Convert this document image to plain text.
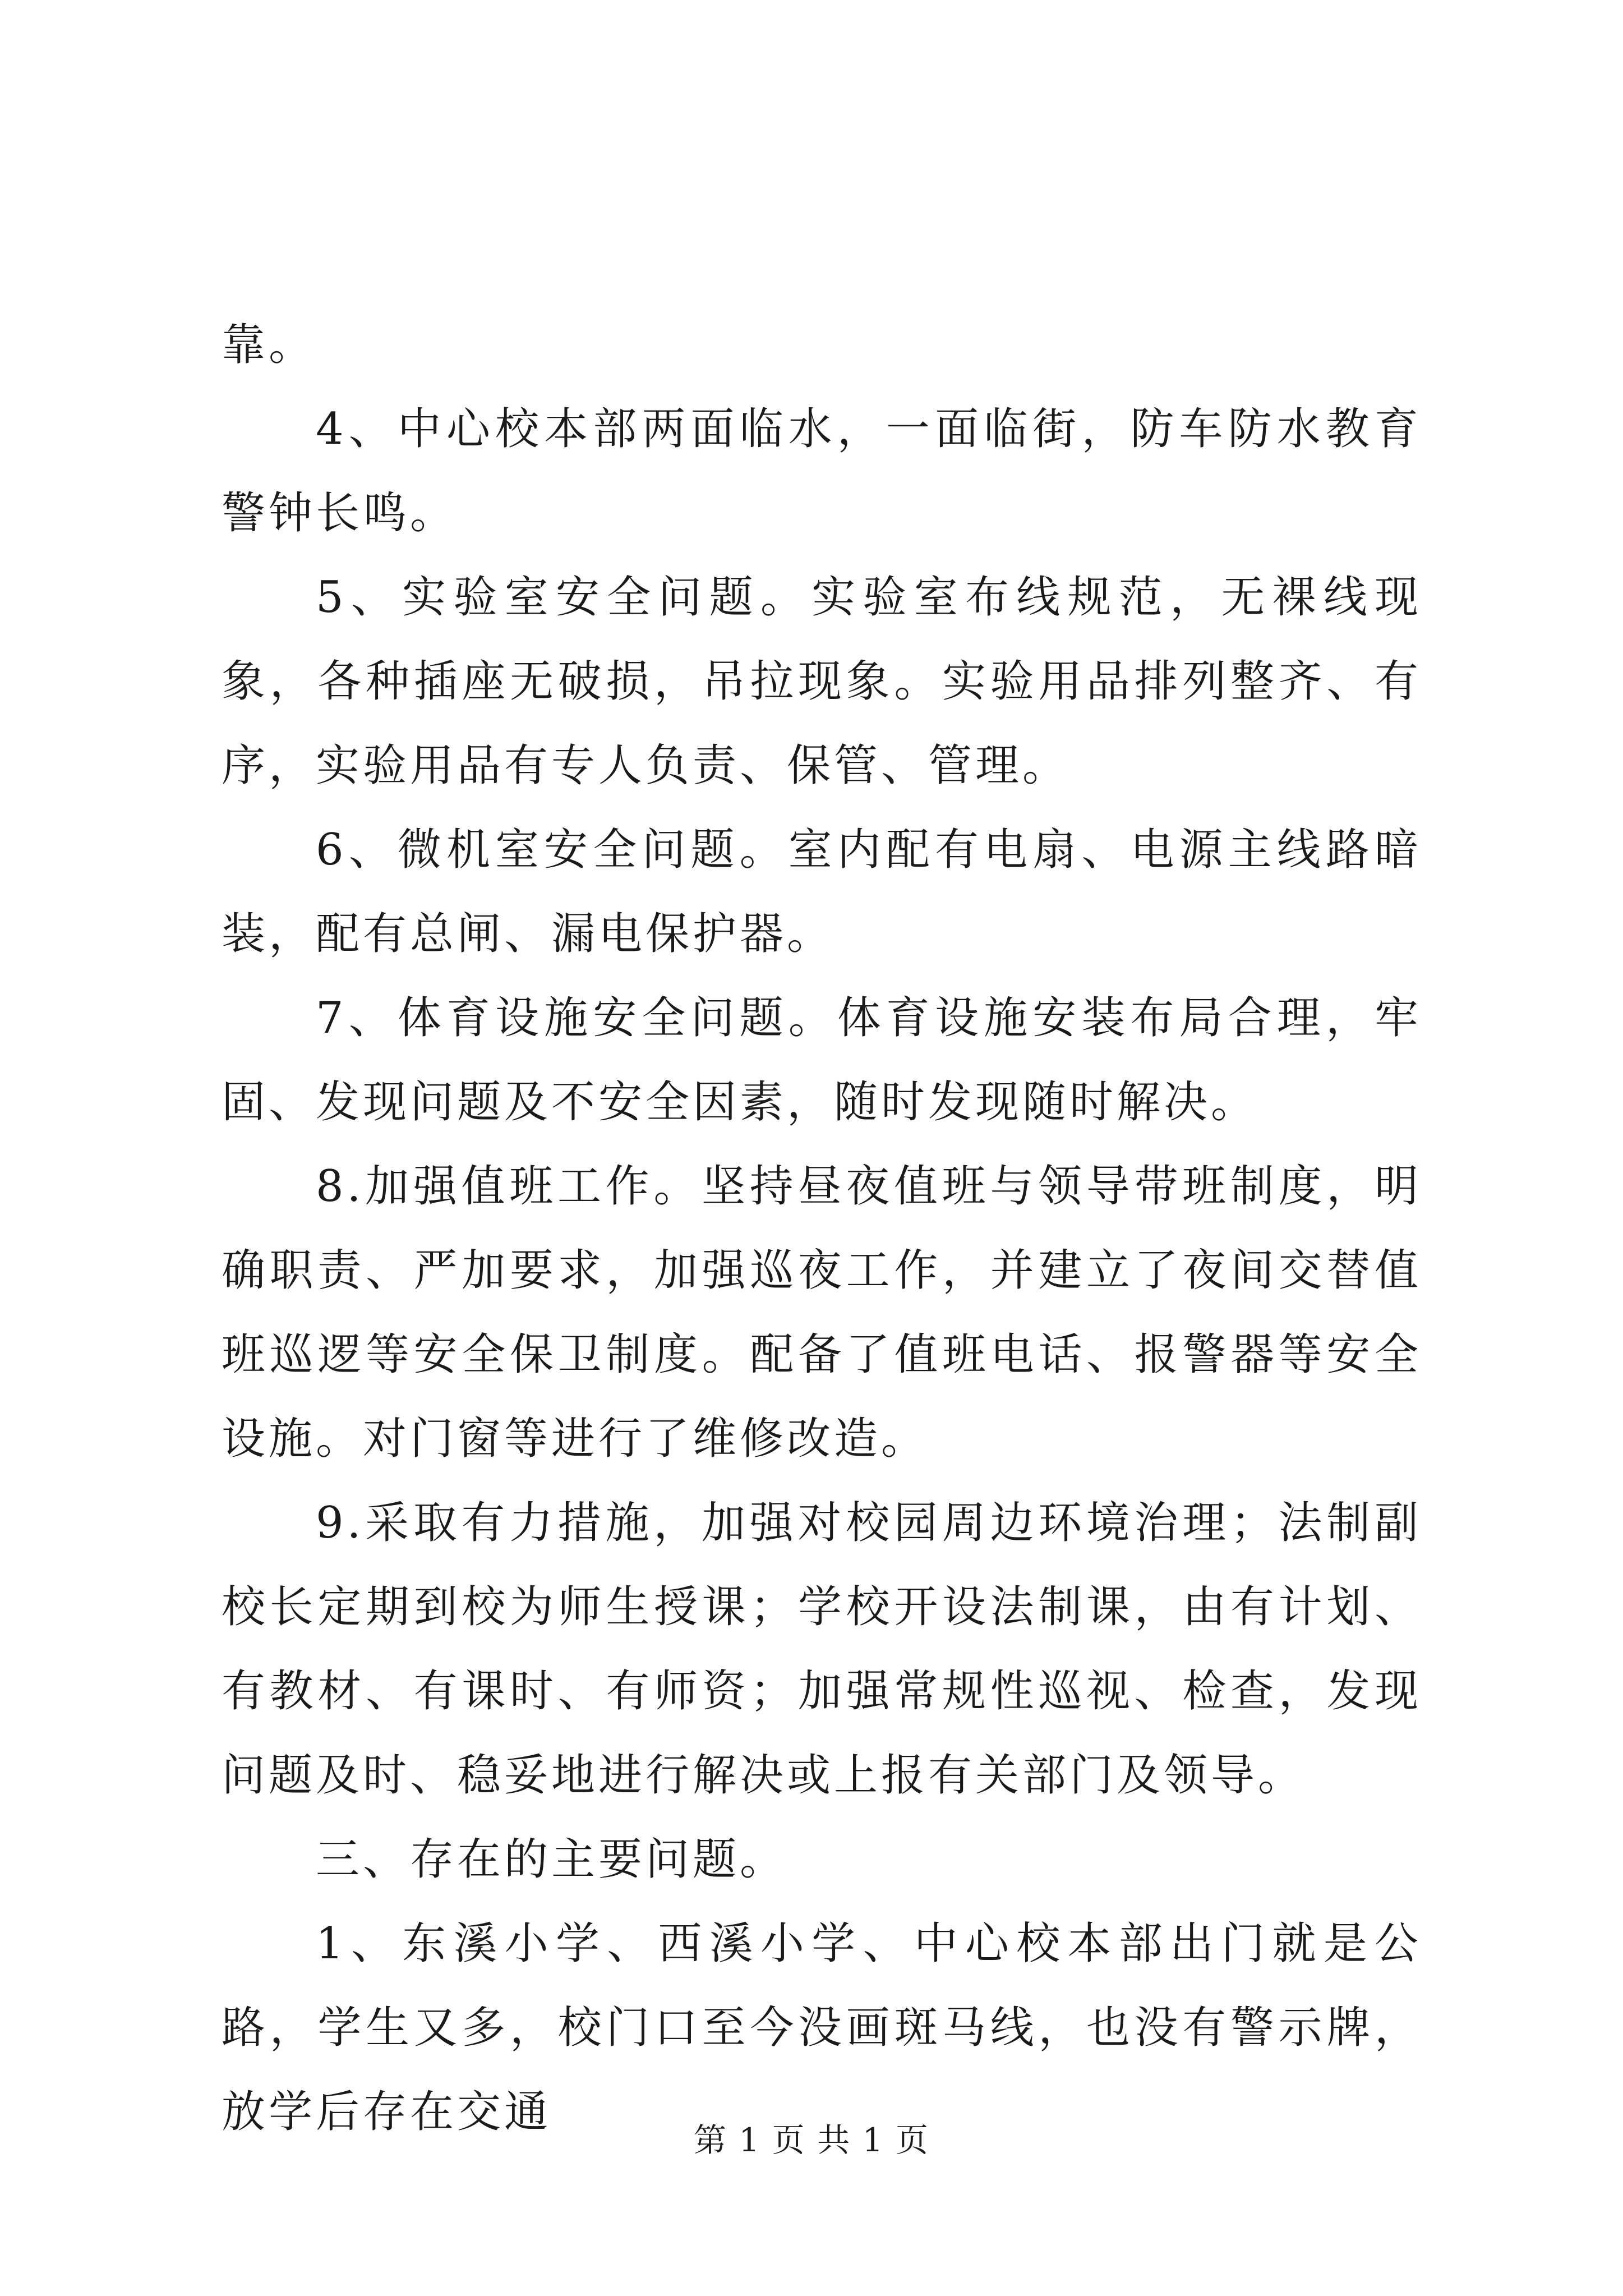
靠。

4、中心校本部两面临水，一面临街，防车防水教育警钟长鸣。

5、实验室安全问题。实验室布线规范，无裸线现象，各种插座无破损，吊拉现象。实验用品排列整齐、有序，实验用品有专人负责、保管、管理。

6、微机室安全问题。室内配有电扇、电源主线路暗装，配有总闸、漏电保护器。

7、体育设施安全问题。体育设施安装布局合理，牢固、发现问题及不安全因素，随时发现随时解决。

8.加强值班工作。坚持昼夜值班与领导带班制度，明确职责、严加要求，加强巡夜工作，并建立了夜间交替值班巡逻等安全保卫制度。配备了值班电话、报警器等安全设施。对门窗等进行了维修改造。

9.采取有力措施，加强对校园周边环境治理；法制副校长定期到校为师生授课；学校开设法制课，由有计划、有教材、有课时、有师资；加强常规性巡视、检查，发现问题及时、稳妥地进行解决或上报有关部门及领导。

三、存在的主要问题。

1、东溪小学、西溪小学、中心校本部出门就是公路，学生又多，校门口至今没画斑马线，也没有警示牌，放学后存在交通

第 1 页 共 1 页
